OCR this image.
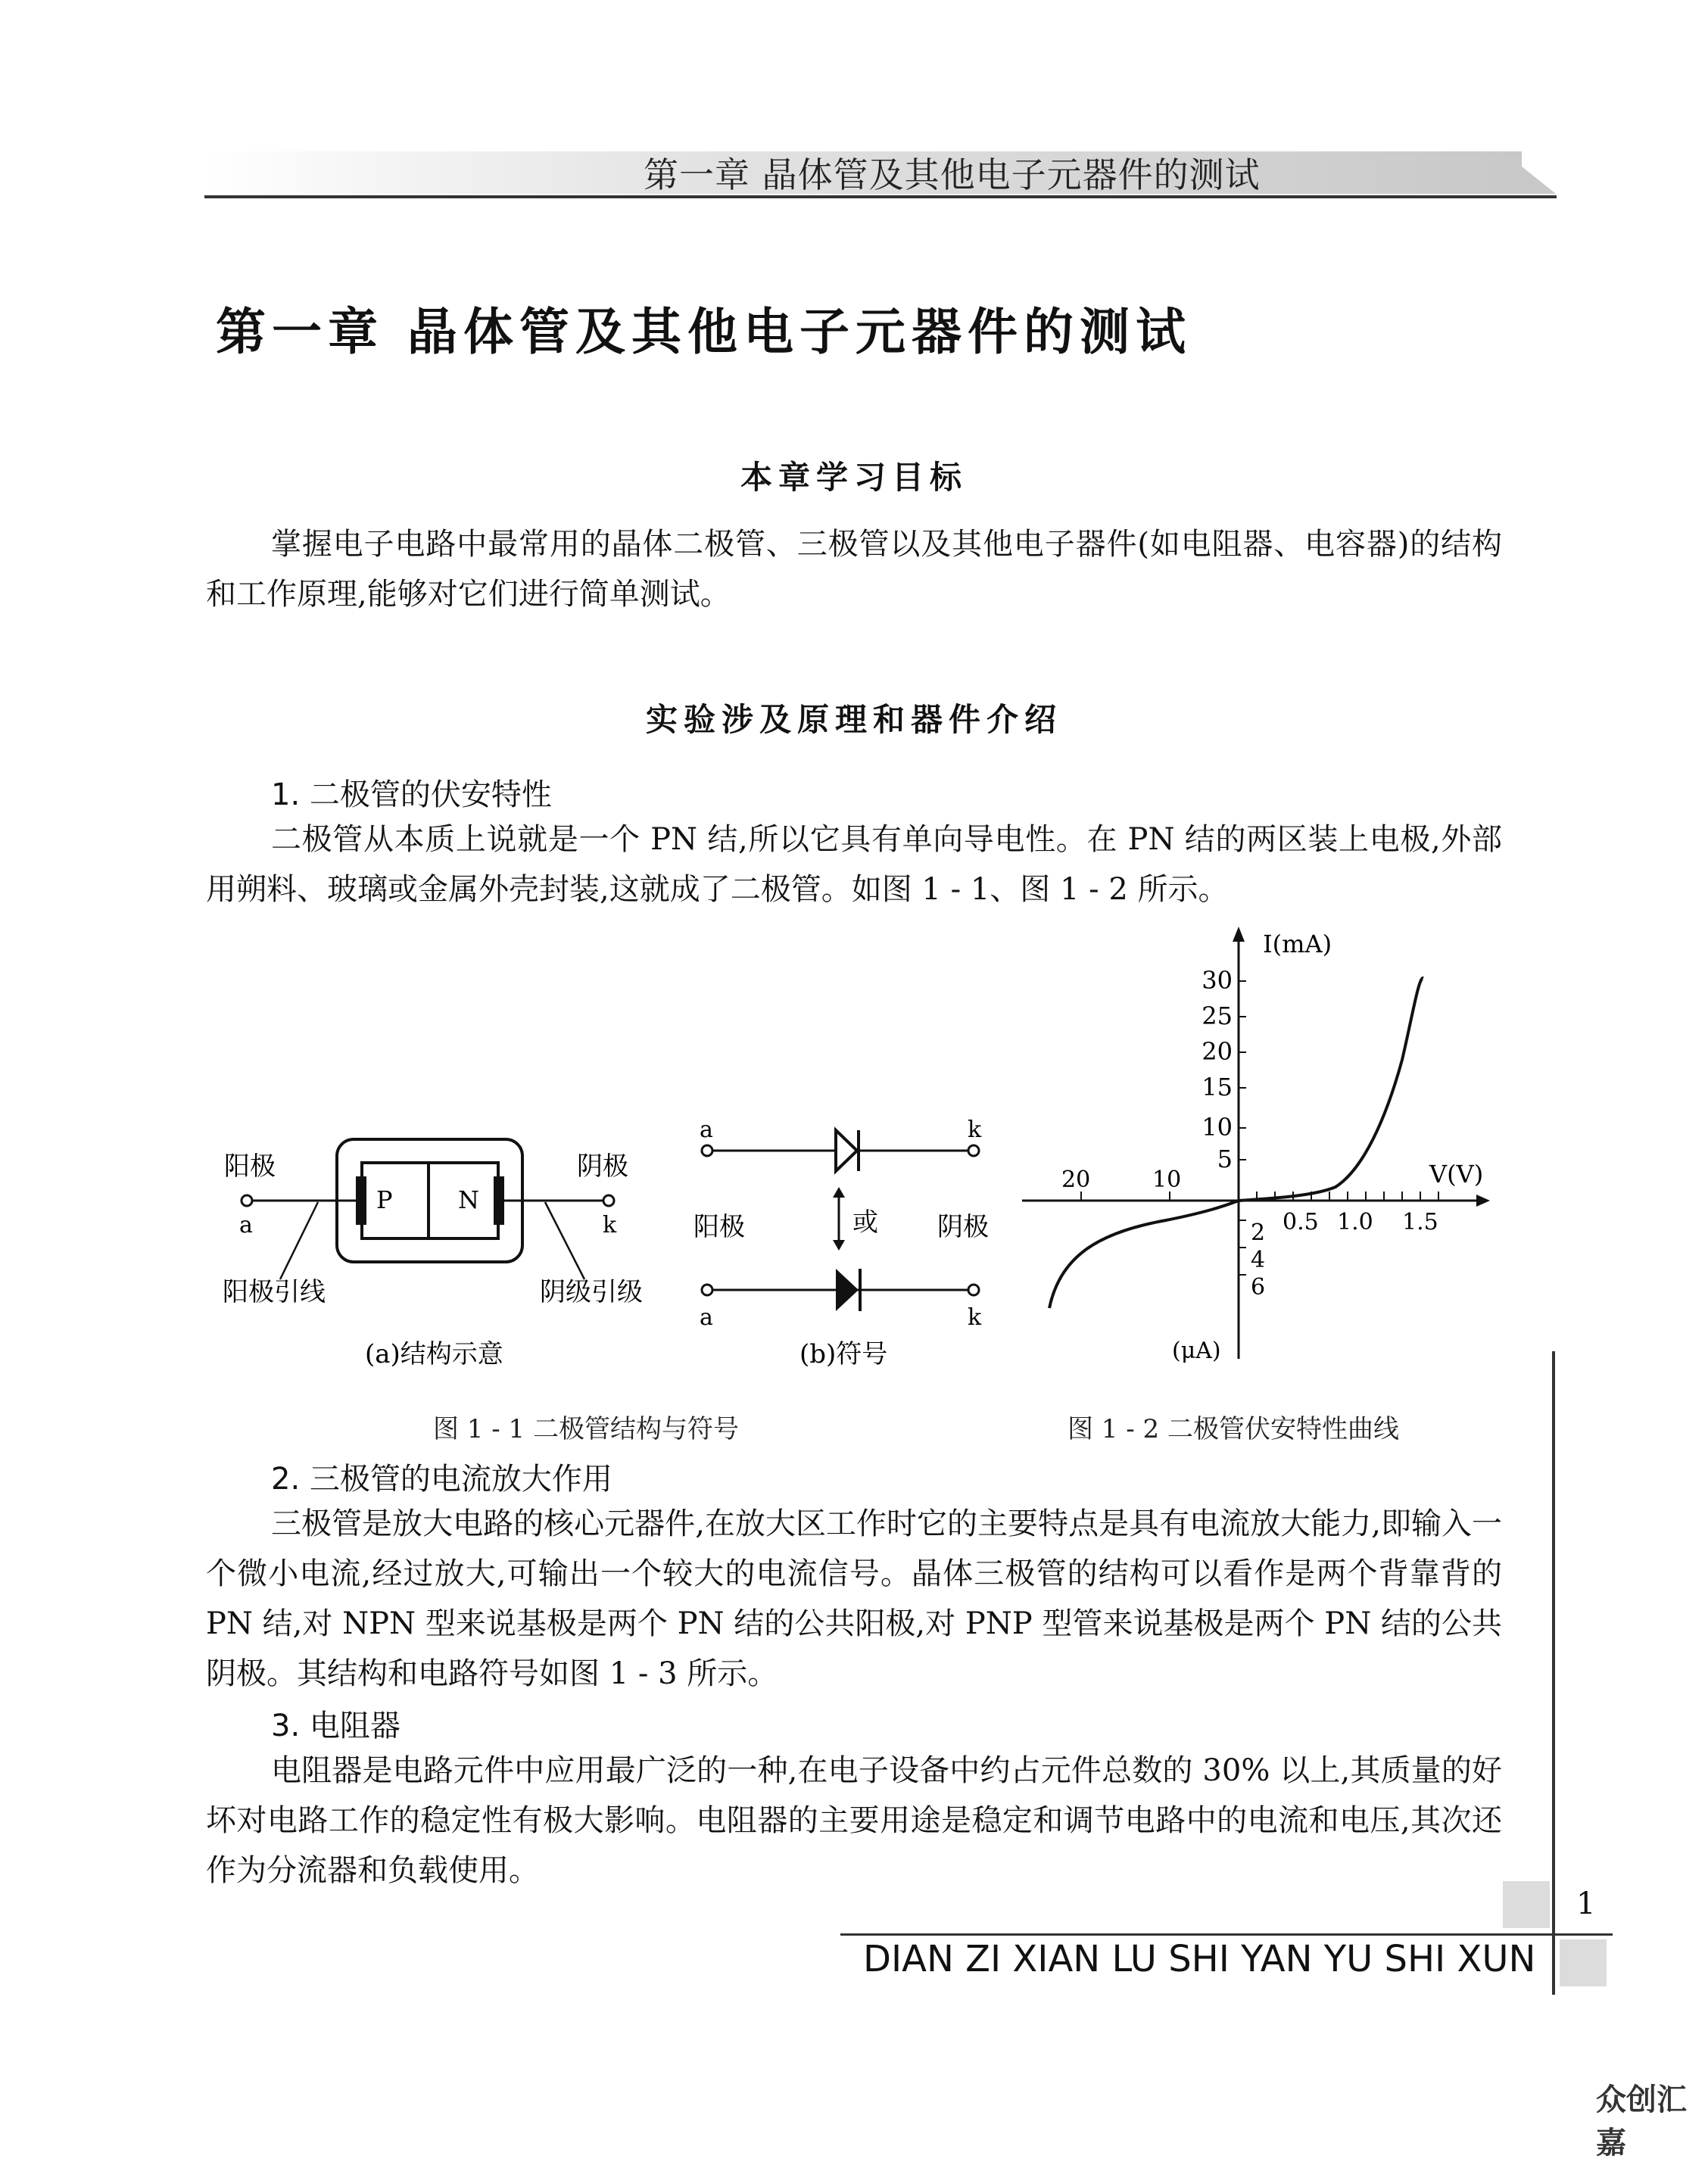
第一章 晶体管及其他电子元器件的测试
第一章 晶体管及其他电子元器件的测试
本章学习目标
掌握电子电路中最常用的晶体二极管、三极管以及其他电子器件(如电阻器、电容器)的结构和工作原理,能够对它们进行简单测试。
实验涉及原理和器件介绍
1. 二极管的伏安特性
二极管从本质上说就是一个 PN 结,所以它具有单向导电性。在 PN 结的两区装上电极,外部用朔料、玻璃或金属外壳封装,这就成了二极管。如图 1 - 1、图 1 - 2 所示。
阳极	阴极
a	k
P	N
阳极引线	阴级引级
a	k
阳极	阴极
或
a	k
(a)结构示意	(b)符号
I(mA)
V(V)
(μA)
30
25
20
15
10
5
0.5 1.0 1.5
20	10
2
4
6
图 1 - 1 二极管结构与符号	图 1 - 2 二极管伏安特性曲线
2. 三极管的电流放大作用
三极管是放大电路的核心元器件,在放大区工作时它的主要特点是具有电流放大能力,即输入一个微小电流,经过放大,可输出一个较大的电流信号。晶体三极管的结构可以看作是两个背靠背的 PN 结,对 NPN 型来说基极是两个 PN 结的公共阳极,对 PNP 型管来说基极是两个 PN 结的公共阴极。其结构和电路符号如图 1 - 3 所示。
3. 电阻器
电阻器是电路元件中应用最广泛的一种,在电子设备中约占元件总数的 30% 以上,其质量的好坏对电路工作的稳定性有极大影响。电阻器的主要用途是稳定和调节电路中的电流和电压,其次还作为分流器和负载使用。
1
DIAN ZI XIAN LU SHI YAN YU SHI XUN
众创汇嘉
